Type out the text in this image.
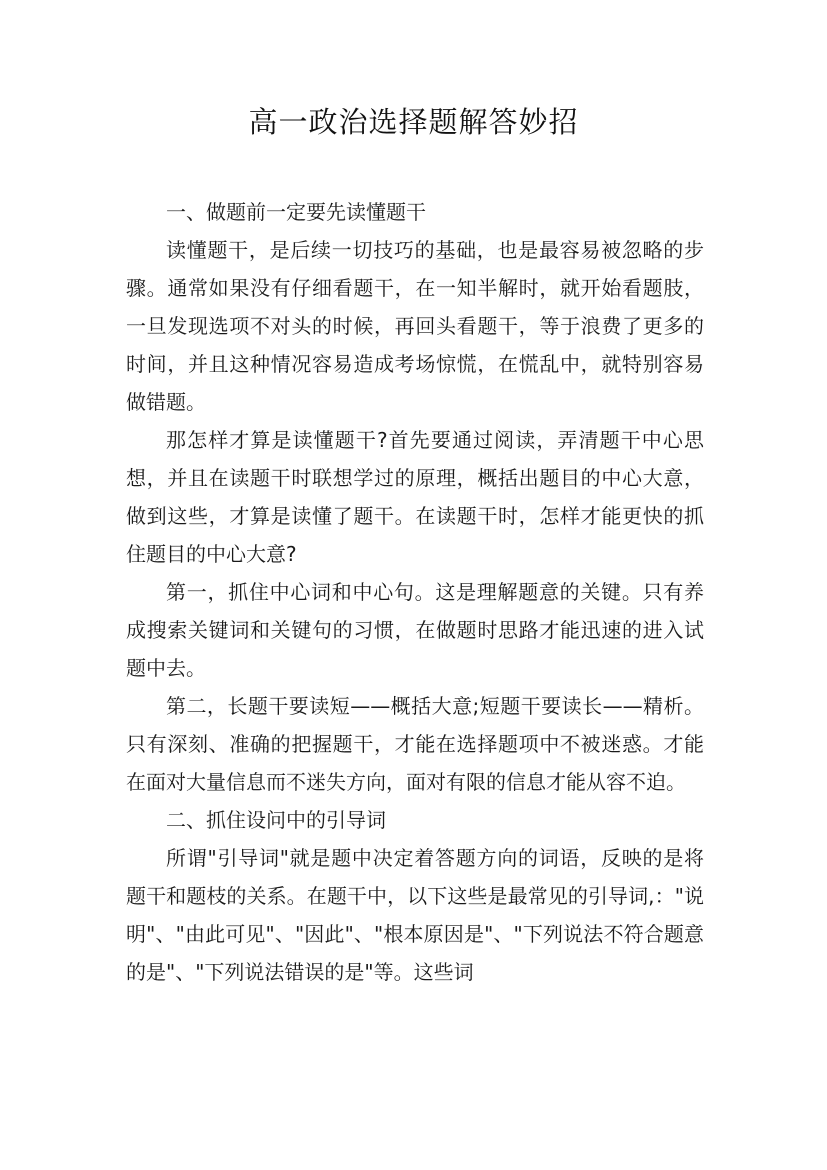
高一政治选择题解答妙招

一、做题前一定要先读懂题干

读懂题干，是后续一切技巧的基础，也是最容易被忽略的步骤。通常如果没有仔细看题干，在一知半解时，就开始看题肢，一旦发现选项不对头的时候，再回头看题干，等于浪费了更多的时间，并且这种情况容易造成考场惊慌，在慌乱中，就特别容易做错题。

那怎样才算是读懂题干?首先要通过阅读，弄清题干中心思想，并且在读题干时联想学过的原理，概括出题目的中心大意，做到这些，才算是读懂了题干。在读题干时，怎样才能更快的抓住题目的中心大意?

第一，抓住中心词和中心句。这是理解题意的关键。只有养成搜索关键词和关键句的习惯，在做题时思路才能迅速的进入试题中去。

第二，长题干要读短——概括大意;短题干要读长——精析。只有深刻、准确的把握题干，才能在选择题项中不被迷惑。才能在面对大量信息而不迷失方向，面对有限的信息才能从容不迫。

二、抓住设问中的引导词

所谓"引导词"就是题中决定着答题方向的词语，反映的是将题干和题枝的关系。在题干中，以下这些是最常见的引导词,："说明"、"由此可见"、"因此"、"根本原因是"、"下列说法不符合题意的是"、"下列说法错误的是"等。这些词
